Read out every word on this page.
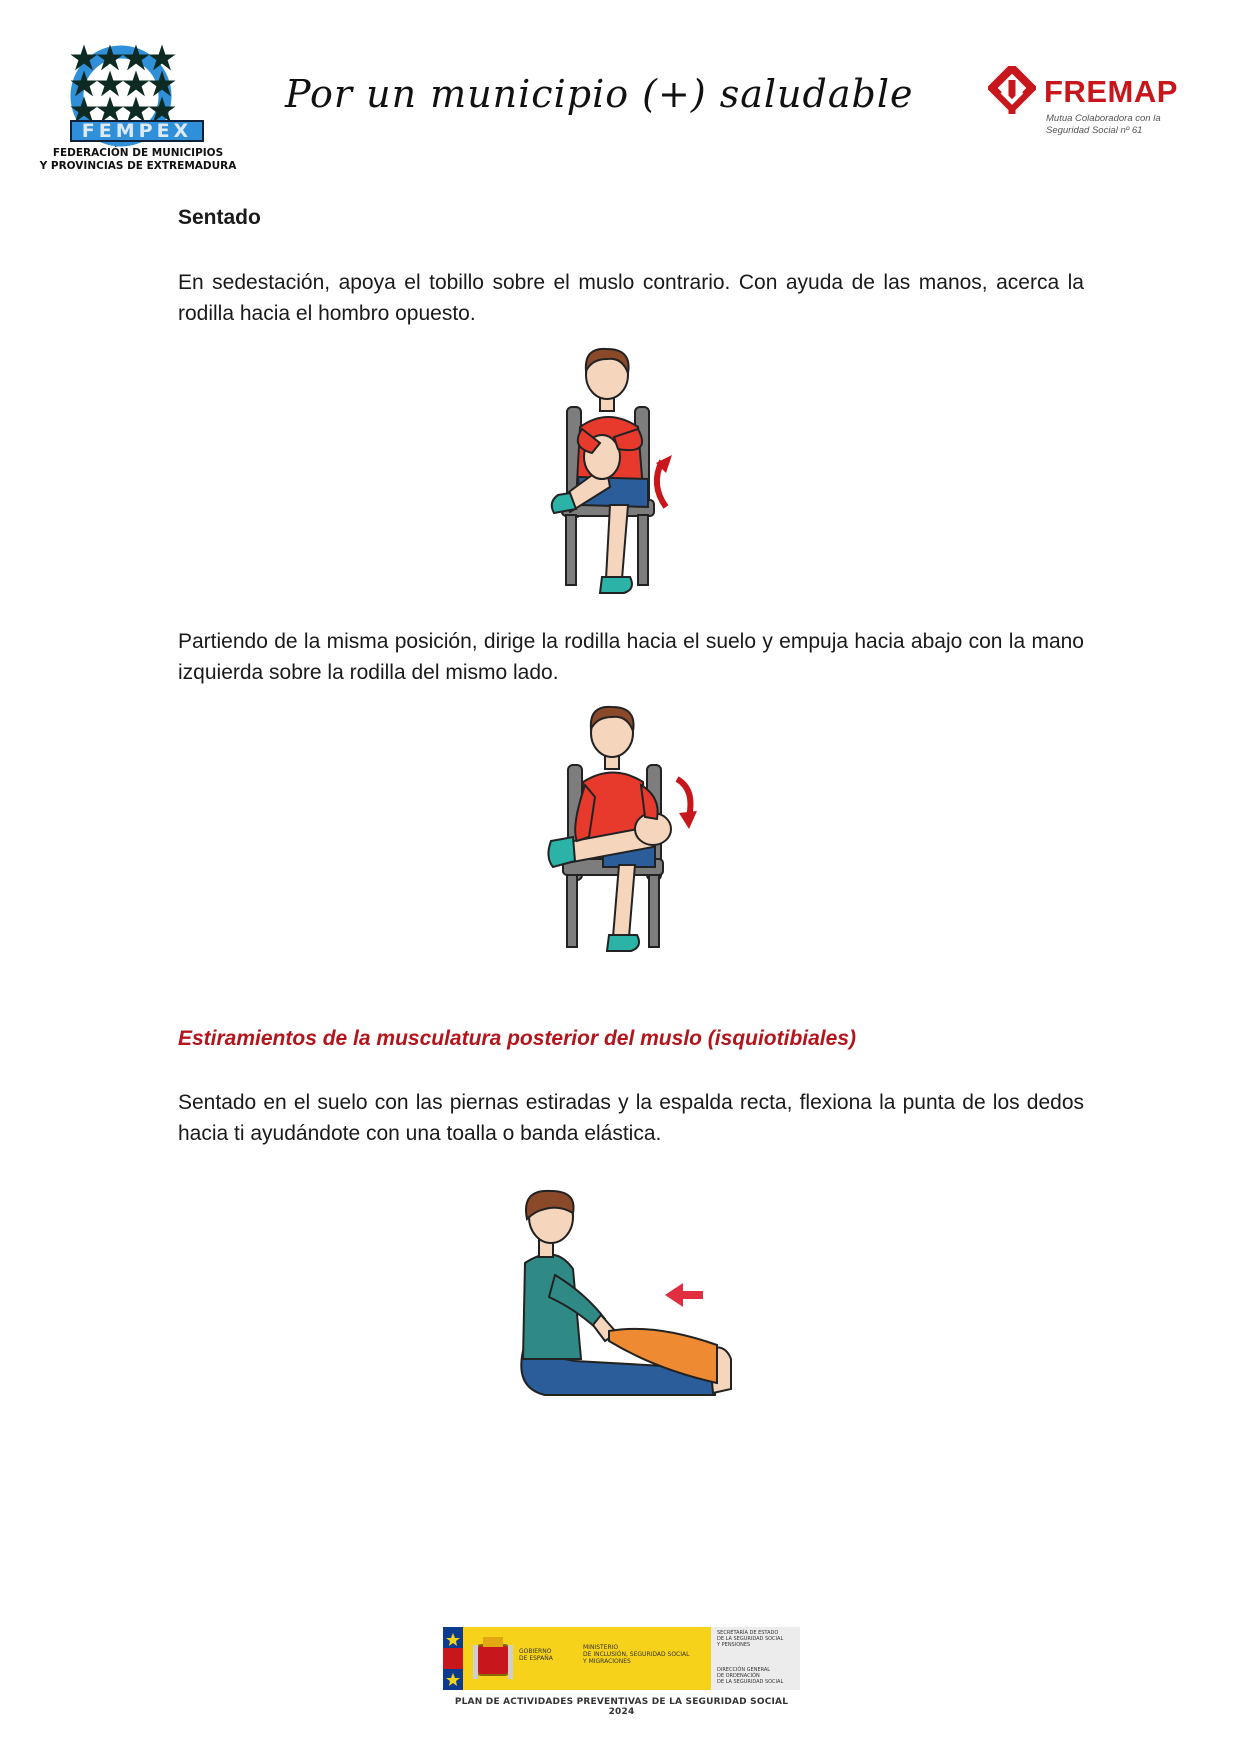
FEMPEX
FEDERACIÓN DE MUNICIPIOS
Y PROVINCIAS DE EXTREMADURA
Por un municipio (+) saludable	FREMAP
Mutua Colaboradora con la
Seguridad Social nº 61
Sentado
En sedestación, apoya el tobillo sobre el muslo contrario. Con ayuda de las manos, acerca la rodilla hacia el hombro opuesto.
Partiendo de la misma posición, dirige la rodilla hacia el suelo y empuja hacia abajo con la mano izquierda sobre la rodilla del mismo lado.
Estiramientos de la musculatura posterior del muslo (isquiotibiales)
Sentado en el suelo con las piernas estiradas y la espalda recta, flexiona la punta de los dedos hacia ti ayudándote con una toalla o banda elástica.
GOBIERNO
DE ESPAÑA
MINISTERIO
DE INCLUSIÓN, SEGURIDAD SOCIAL
Y MIGRACIONES
SECRETARÍA DE ESTADO
DE LA SEGURIDAD SOCIAL
Y PENSIONES
DIRECCIÓN GENERAL
DE ORDENACIÓN
DE LA SEGURIDAD SOCIAL
PLAN DE ACTIVIDADES PREVENTIVAS DE LA SEGURIDAD SOCIAL 2024
